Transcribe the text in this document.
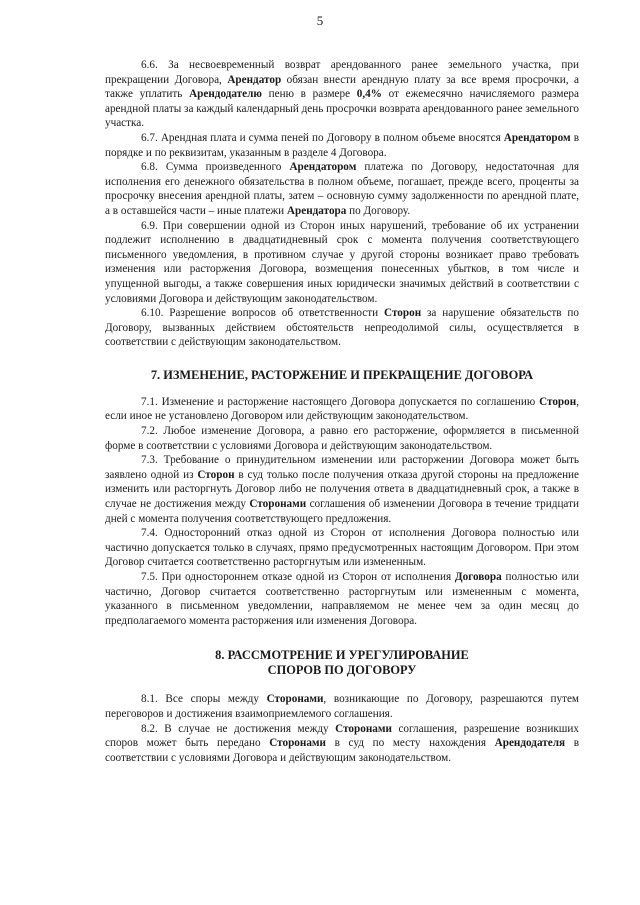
5

6.6. За несвоевременный возврат арендованного ранее земельного участка, при прекращении Договора, Арендатор обязан внести арендную плату за все время просрочки, а также уплатить Арендодателю пеню в размере 0,4% от ежемесячно начисляемого размера арендной платы за каждый календарный день просрочки возврата арендованного ранее земельного участка.

6.7. Арендная плата и сумма пеней по Договору в полном объеме вносятся Арендатором в порядке и по реквизитам, указанным в разделе 4 Договора.

6.8. Сумма произведенного Арендатором платежа по Договору, недостаточная для исполнения его денежного обязательства в полном объеме, погашает, прежде всего, проценты за просрочку внесения арендной платы, затем – основную сумму задолженности по арендной плате, а в оставшейся части – иные платежи Арендатора по Договору.

6.9. При совершении одной из Сторон иных нарушений, требование об их устранении подлежит исполнению в двадцатидневный срок с момента получения соответствующего письменного уведомления, в противном случае у другой стороны возникает право требовать изменения или расторжения Договора, возмещения понесенных убытков, в том числе и упущенной выгоды, а также совершения иных юридически значимых действий в соответствии с условиями Договора и действующим законодательством.

6.10. Разрешение вопросов об ответственности Сторон за нарушение обязательств по Договору, вызванных действием обстоятельств непреодолимой силы, осуществляется в соответствии с действующим законодательством.

7. ИЗМЕНЕНИЕ, РАСТОРЖЕНИЕ И ПРЕКРАЩЕНИЕ ДОГОВОРА

7.1. Изменение и расторжение настоящего Договора допускается по соглашению Сторон, если иное не установлено Договором или действующим законодательством.

7.2. Любое изменение Договора, а равно его расторжение, оформляется в письменной форме в соответствии с условиями Договора и действующим законодательством.

7.3. Требование о принудительном изменении или расторжении Договора может быть заявлено одной из Сторон в суд только после получения отказа другой стороны на предложение изменить или расторгнуть Договор либо не получения ответа в двадцатидневный срок, а также в случае не достижения между Сторонами соглашения об изменении Договора в течение тридцати дней с момента получения соответствующего предложения.

7.4. Односторонний отказ одной из Сторон от исполнения Договора полностью или частично допускается только в случаях, прямо предусмотренных настоящим Договором. При этом Договор считается соответственно расторгнутым или измененным.

7.5. При одностороннем отказе одной из Сторон от исполнения Договора полностью или частично, Договор считается соответственно расторгнутым или измененным с момента, указанного в письменном уведомлении, направляемом не менее чем за один месяц до предполагаемого момента расторжения или изменения Договора.

8. РАССМОТРЕНИЕ И УРЕГУЛИРОВАНИЕ
СПОРОВ ПО ДОГОВОРУ

8.1. Все споры между Сторонами, возникающие по Договору, разрешаются путем переговоров и достижения взаимоприемлемого соглашения.

8.2. В случае не достижения между Сторонами соглашения, разрешение возникших споров может быть передано Сторонами в суд по месту нахождения Арендодателя в соответствии с условиями Договора и действующим законодательством.
